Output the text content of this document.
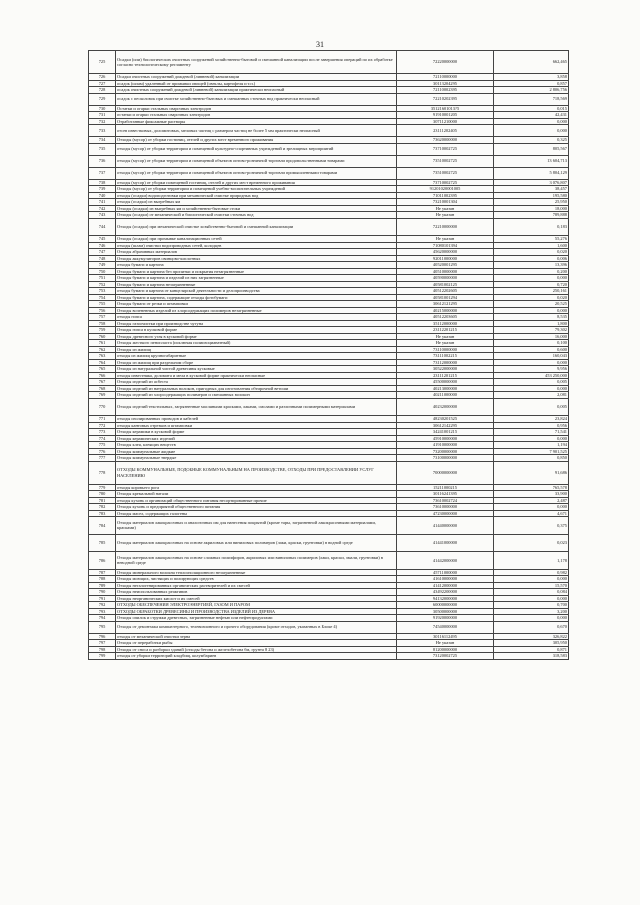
31
725	Осадки (или) биологических очистных сооружений хозяйственно-бытовой и смешанной канализации после завершения операций по их обработке согласно технологическому регламенту	72220000000	662,465
726	Осадки очистных сооружений дождевой (ливневой) канализации	72110000000	3,858
727	осадок (шлам) удаленный от промывки овощей (свеклы, картофеля и т.п.)	30113204295	0,857
728	осадок очистных сооружений дождевой (ливневой) канализации практически неопасный	72110002395	2 806,756
729	осадок с песколовок при очистке хозяйственно-бытовых и смешанных сточных вод практически неопасный	72210202395	718,569
730	Остатки и огарки стальных сварочных электродов	35121601013?5	0,015
731	остатки и огарки стальных сварочных электродов	91910001205	42,431
732	Отработанные фиксажные растворы	30711210000	0,000
733	отсев известковых, доломитовых, меловых частиц с размером частиц не более 5 мм практически неопасный	23111202405	0,000
734	Отходы (мусор) от уборки гостиниц, отелей и других мест временного проживания	73620000000	0,325
735	отходы (мусор) от уборки территории и помещений культурно-спортивных учреждений и зрелищных мероприятий	73710002725	805,567
736	отходы (мусор) от уборки территории и помещений объектов оптово-розничной торговли продовольственными товарами	73510002725	13 604,713
737	отходы (мусор) от уборки территории и помещений объектов оптово-розничной торговли промышленными товарами	73510002725	5 804,129
738	отходы (мусор) от уборки помещений гостиниц, отелей и других мест временного проживания	73710002725	3 076,807
739	Отходы (мусор) от уборки территории и помещений учебно-воспитательных учреждений	91201020001005	38,457
740	отходы (осадки) водоподготовки при механической очистке природных вод	71011002395	195,580
741	отходы (осадки) из выгребных ям	73210001304	25,950
742	Отходы (осадки) из выгребных ям и хозяйственно-бытовые стоки	Не указан	18,000
743	Отходы (осадки) от механической и биологической очистки сточных вод	Не указан	789,888
744	Отходы (осадки) при механической очистке хозяйственно-бытовой и смешанной канализации	72210000000	0,183
745	Отходы (осадки) при промывке канализационных сетей	Не указан	55,276
746	отходы (шлам) очистки водопроводных сетей, колодцев	71080101394	1,600
747	Отходы абразивных материалов	45620000000	0,020
748	Отходы аккумуляторов свинцово-кислотных	92011000000	0,006
749	отходы бумаги и картона	40520001295	13,396
750	Отходы бумаги и картона без пропитки и покрытия незагрязненные	40510000000	0,200
751	Отходы бумаги и картона и изделий из них загрязненные	40590000000	0,000
752	Отходы бумаги и картона незагрязненные	40581002125	0,720
753	отходы бумаги и картона от канцелярской деятельности и делопроизводства	40512202605	250,161
754	Отходы бумаги и картона, содержащие отходы фотобумаги	40581001294	0,020
755	Отходы бумаги от резки и штамповки	30612121295	20,525
756	Отходы вспененных изделий из хлорсодержащих полимеров незагрязненные	40215000000	0,000
757	отходы гипса	40512203605	8,535
758	Отходы газоочистки при производстве чугуна	35112000000	1,800
759	Отходы гипса в кусковой форме	23112201215	79,302
760	Отходы древесного угля в кусковой форме	Не указан	16,000
761	Отходы жесткого пенопласта (исключая полиизоцианатный)	Не указан	0,100
762	Отходы из жилищ	73110000000	0,600
763	отходы из жилищ крупногабаритные	73111002215	160,043
764	Отходы из жилищ при раздельном сборе	73112000000	0,000
765	Отходы из натуральной чистой древесины кусковые	30522000000	9,956
766	отходы известняка, доломита и мела в кусковой форме практически неопасные	23111201215	453 250,000
767	Отходы изделий из асбеста	45500000000	0,005
768	Отходы изделий из натуральных волокон, пригодных для изготовления обтирочной ветоши	40213000000	0,000
769	Отходы изделий из хлорсодержащих полимеров и смешанных волокон	40211000000	2,081
770	Отходы изделий текстильных, загрязненные масляными красками, лаками, смолами и различными полимерными материалами	40232000000	0,005
771	отходы изолированных проводов и кабелей	48230201525	23,824
772	отходы кантовых отрезков и штамповки	30612142295	0,956
773	Отходы керамики в кусковой форме	34241001215	71,541
774	Отходы керамических изделий	45910000000	0,000
775	Отходы клея, клеящих веществ	41910000000	1,194
776	Отходы коммунальные жидкие	73200000000	7 901,525
777	Отходы коммунальные твердые	73100000000	0,850
778	ОТХОДЫ КОММУНАЛЬНЫЕ, ПОДОБНЫЕ КОММУНАЛЬНЫМ НА ПРОИЗВОДСТВЕ, ОТХОДЫ ПРИ ПРЕДОСТАВЛЕНИИ УСЛУГ НАСЕЛЕНИЮ	70000000000	91,686
779	отходы коровьего рога	15211000215	765,578
780	Отходы кремальной натали	30116241395	33,900
781	отходы кухонь и организаций общественного питания несортированные прочие	73610002724	2,487
782	Отходы кухонь и предприятий общественного питания	73610000000	0,000
783	Отходы масел, содержащих галогены	47230000000	4,671
784	Отходы материалов лакокрасочных и аналогичных им для нанесения покрытий (кроме тары, загрязненной лакокрасочными материалами, красками)	41440000000	0,375
785	Отходы материалов лакокрасочных на основе акриловых или виниловых полимеров (лаки, краски, грунтовки) в водной среде	41441000000	0,023
786	Отходы материалов лакокрасочных на основе сложных полиэфиров, акриловых или виниловых полимеров (лаки, краски, эмали, грунтовки) в неводной среде	41442000000	1,178
787	Отходы минерального волокна теплоизоляционного незагрязненные	45711000000	0,982
788	Отходы моющих, чистящих и полирующих средств	41610000000	0,000
789	Отходы негалогенированных органических растворителей и их смесей	41412000000	15,570
790	Отходы неиспользованных реактивов	43492200000	0,084
791	Отходы неорганических кислот и их смесей	94132000000	0,000
792	ОТХОДЫ ОБЕСПЕЧЕНИЯ ЭЛЕКТРОЭНЕРГИЕЙ, ГАЗОМ И ПАРОМ	60000000000	0,700
793	ОТХОДЫ ОБРАБОТКИ ДРЕВЕСИНЫ И ПРОИЗВОДСТВА ИЗДЕЛИЙ ИЗ ДЕРЕВА	30500000000	3,200
794	Отходы опилок и стружки древесных, загрязненные нефтью или нефтепродуктами	91920000000	0,000
795	Отходы от демонтажа компьютерного, телевизионного и прочего оборудования (кроме отходов, указанных в Блоке 4)	74540000000	0,670
796	отходы от механической очистки зерна	30116112495	326,822
797	Отходы от переработки рыбы	Не указан	305,950
798	Отходы от сноса и разборки зданий (отходы бетона и железобетона бм, грунта 8 23)	81200000000	0,871
799	отходы от уборки территорий кладбищ, колумбариев	73120002725	318,583
